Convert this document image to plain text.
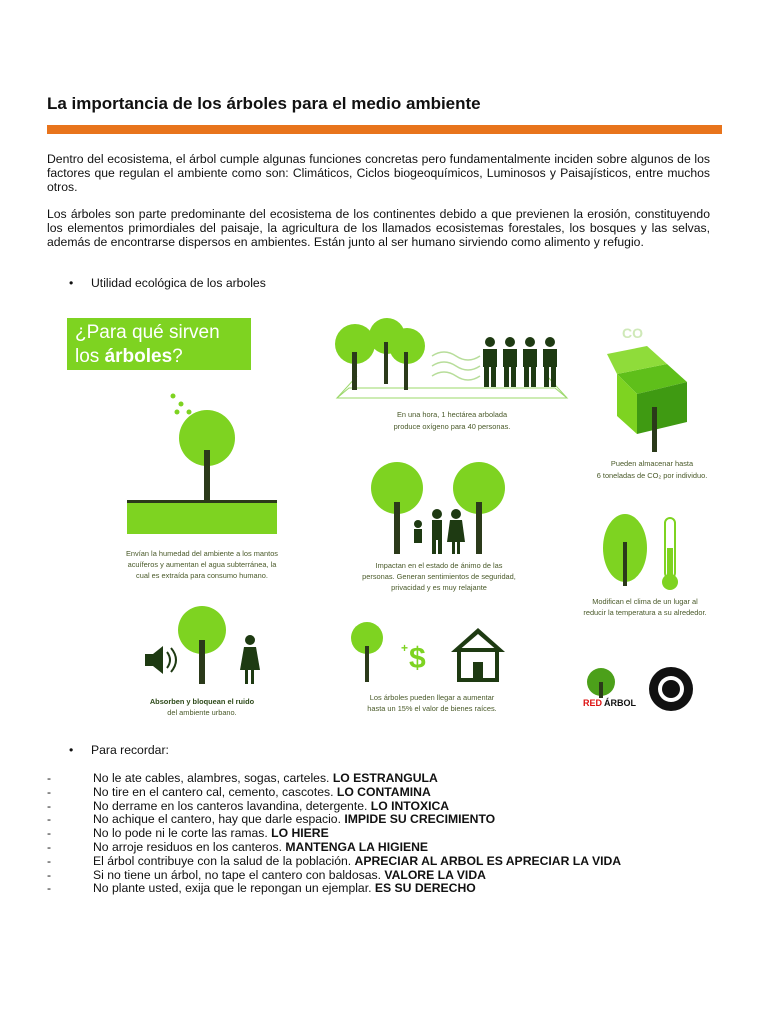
La importancia de los árboles para el medio ambiente
Dentro del ecosistema, el árbol cumple algunas funciones concretas pero fundamentalmente inciden sobre algunos de los factores que regulan el ambiente como son: Climáticos, Ciclos biogeoquímicos, Luminosos y Paisajísticos, entre muchos otros.
Los árboles son parte predominante del ecosistema de los continentes debido a que previenen la erosión, constituyendo los elementos primordiales del paisaje, la agricultura de los llamados ecosistemas forestales, los bosques y las selvas, además de encontrarse dispersos en ambientes. Están junto al ser humano sirviendo como alimento y refugio.
• Utilidad ecológica de los arboles
¿Para qué sirven
los árboles?
En una hora, 1 hectárea arbolada
produce oxígeno para 40 personas.
CO
Pueden almacenar hasta
6 toneladas de CO₂ por individuo.
Envían la humedad del ambiente a los mantos
acuíferos y aumentan el agua subterránea, la
cual es extraída para consumo humano.
Impactan en el estado de ánimo de las
personas. Generan sentimientos de seguridad,
privacidad y es muy relajante
Modifican el clima de un lugar al
reducir la temperatura a su alrededor.
Absorben y bloquean el ruido
del ambiente urbano.
+ $
Los árboles pueden llegar a aumentar
hasta un 15% el valor de bienes raíces.
RED ÁRBOL
• Para recordar:
-	No le ate cables, alambres, sogas, carteles. LO ESTRANGULA
-	No tire en el cantero cal, cemento, cascotes. LO CONTAMINA
-	No derrame en los canteros lavandina, detergente. LO INTOXICA
-	No achique el cantero, hay que darle espacio. IMPIDE SU CRECIMIENTO
-	No lo pode ni le corte las ramas. LO HIERE
-	No arroje residuos en los canteros. MANTENGA LA HIGIENE
-	El árbol contribuye con la salud de la población. APRECIAR AL ARBOL ES APRECIAR LA VIDA
-	Si no tiene un árbol, no tape el cantero con baldosas. VALORE LA VIDA
-	No plante usted, exija que le repongan un ejemplar. ES SU DERECHO
